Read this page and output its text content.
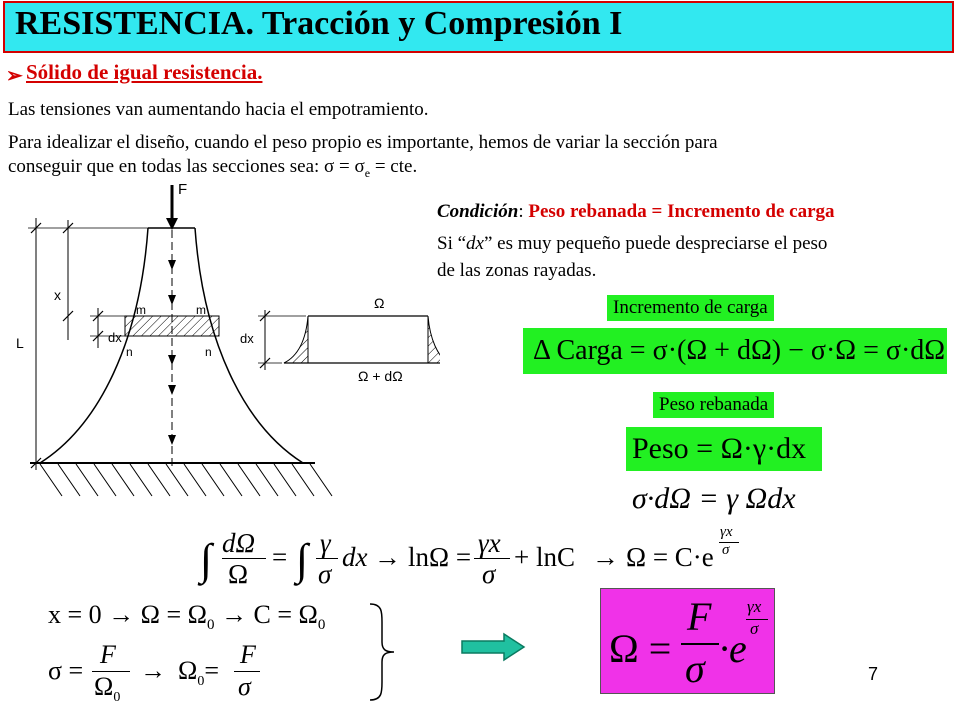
RESISTENCIA. Tracción y Compresión I
➢ Sólido de igual resistencia.
Las tensiones van aumentando hacia el empotramiento.
Para idealizar el diseño, cuando el peso propio es importante, hemos de variar la sección para
conseguir que en todas las secciones sea: $\sigma = \sigma_e$ = cte.
F
x
L	dx
m	m
n	n
dx
Ω
Ω + dΩ
Condición: Peso rebanada = Incremento de carga
Si “dx” es muy pequeño puede despreciarse el peso
de las zonas rayadas.
Incremento de carga
Δ Carga = σ·(Ω + dΩ) − σ·Ω = σ·dΩ
Peso rebanada
Peso = Ω·γ·dx
σ·dΩ = γ Ωdx
∫ dΩ
Ω
= ∫ γ
σ
dx → lnΩ = γx
σ
+ lnC → Ω = C·e
γx
σ
$x = 0 \to \Omega = \Omega_0 \to C = \Omega_0$
σ =
F
$\Omega_0$
→ $\Omega_0=$
F
σ
Ω =
F
σ ·e
γx
σ
7
